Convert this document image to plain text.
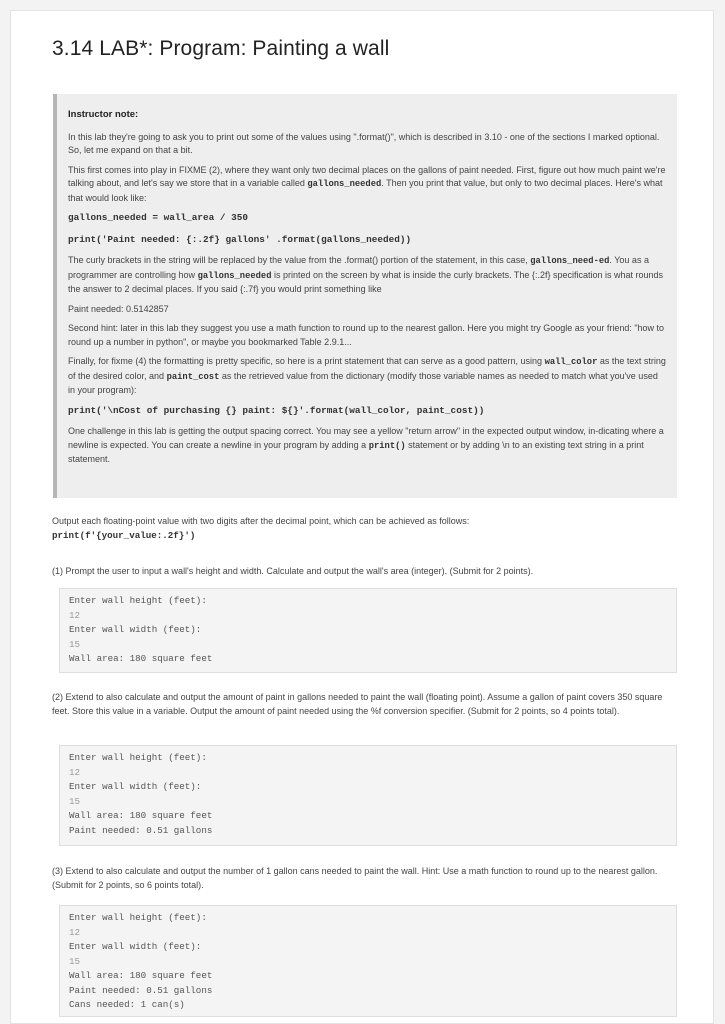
3.14 LAB*: Program: Painting a wall

Instructor note:

In this lab they're going to ask you to print out some of the values using ".format()", which is described in 3.10 - one of the sections I marked optional. So, let me expand on that a bit.

This first comes into play in FIXME (2), where they want only two decimal places on the gallons of paint needed. First, figure out how much paint we're talking about, and let's say we store that in a variable called gallons_needed. Then you print that value, but only to two decimal places. Here's what that would look like:

gallons_needed = wall_area / 350
print('Paint needed: {:.2f} gallons' .format(gallons_needed))

The curly brackets in the string will be replaced by the value from the .format() portion of the statement, in this case, gallons_need-ed. You as a programmer are controlling how gallons_needed is printed on the screen by what is inside the curly brackets. The {:.2f} specification is what rounds the answer to 2 decimal places. If you said {:.7f} you would print something like

Paint needed: 0.5142857

Second hint: later in this lab they suggest you use a math function to round up to the nearest gallon. Here you might try Google as your friend: "how to round up a number in python", or maybe you bookmarked Table 2.9.1...

Finally, for fixme (4) the formatting is pretty specific, so here is a print statement that can serve as a good pattern, using wall_color as the text string of the desired color, and paint_cost as the retrieved value from the dictionary (modify those variable names as needed to match what you've used in your program):

print('\nCost of purchasing {} paint: ${}'.format(wall_color, paint_cost))

One challenge in this lab is getting the output spacing correct. You may see a yellow "return arrow" in the expected output window, in-dicating where a newline is expected. You can create a newline in your program by adding a print() statement or by adding \n to an existing text string in a print statement.

Output each floating-point value with two digits after the decimal point, which can be achieved as follows:
print(f'{your_value:.2f}')
(1) Prompt the user to input a wall's height and width. Calculate and output the wall's area (integer). (Submit for 2 points).
Enter wall height (feet):
12
Enter wall width (feet):
15
Wall area: 180 square feet
(2) Extend to also calculate and output the amount of paint in gallons needed to paint the wall (floating point). Assume a gallon of paint covers 350 square feet. Store this value in a variable. Output the amount of paint needed using the %f conversion specifier. (Submit for 2 points, so 4 points total).
Enter wall height (feet):
12
Enter wall width (feet):
15
Wall area: 180 square feet
Paint needed: 0.51 gallons
(3) Extend to also calculate and output the number of 1 gallon cans needed to paint the wall. Hint: Use a math function to round up to the nearest gallon. (Submit for 2 points, so 6 points total).
Enter wall height (feet):
12
Enter wall width (feet):
15
Wall area: 180 square feet
Paint needed: 0.51 gallons
Cans needed: 1 can(s)
